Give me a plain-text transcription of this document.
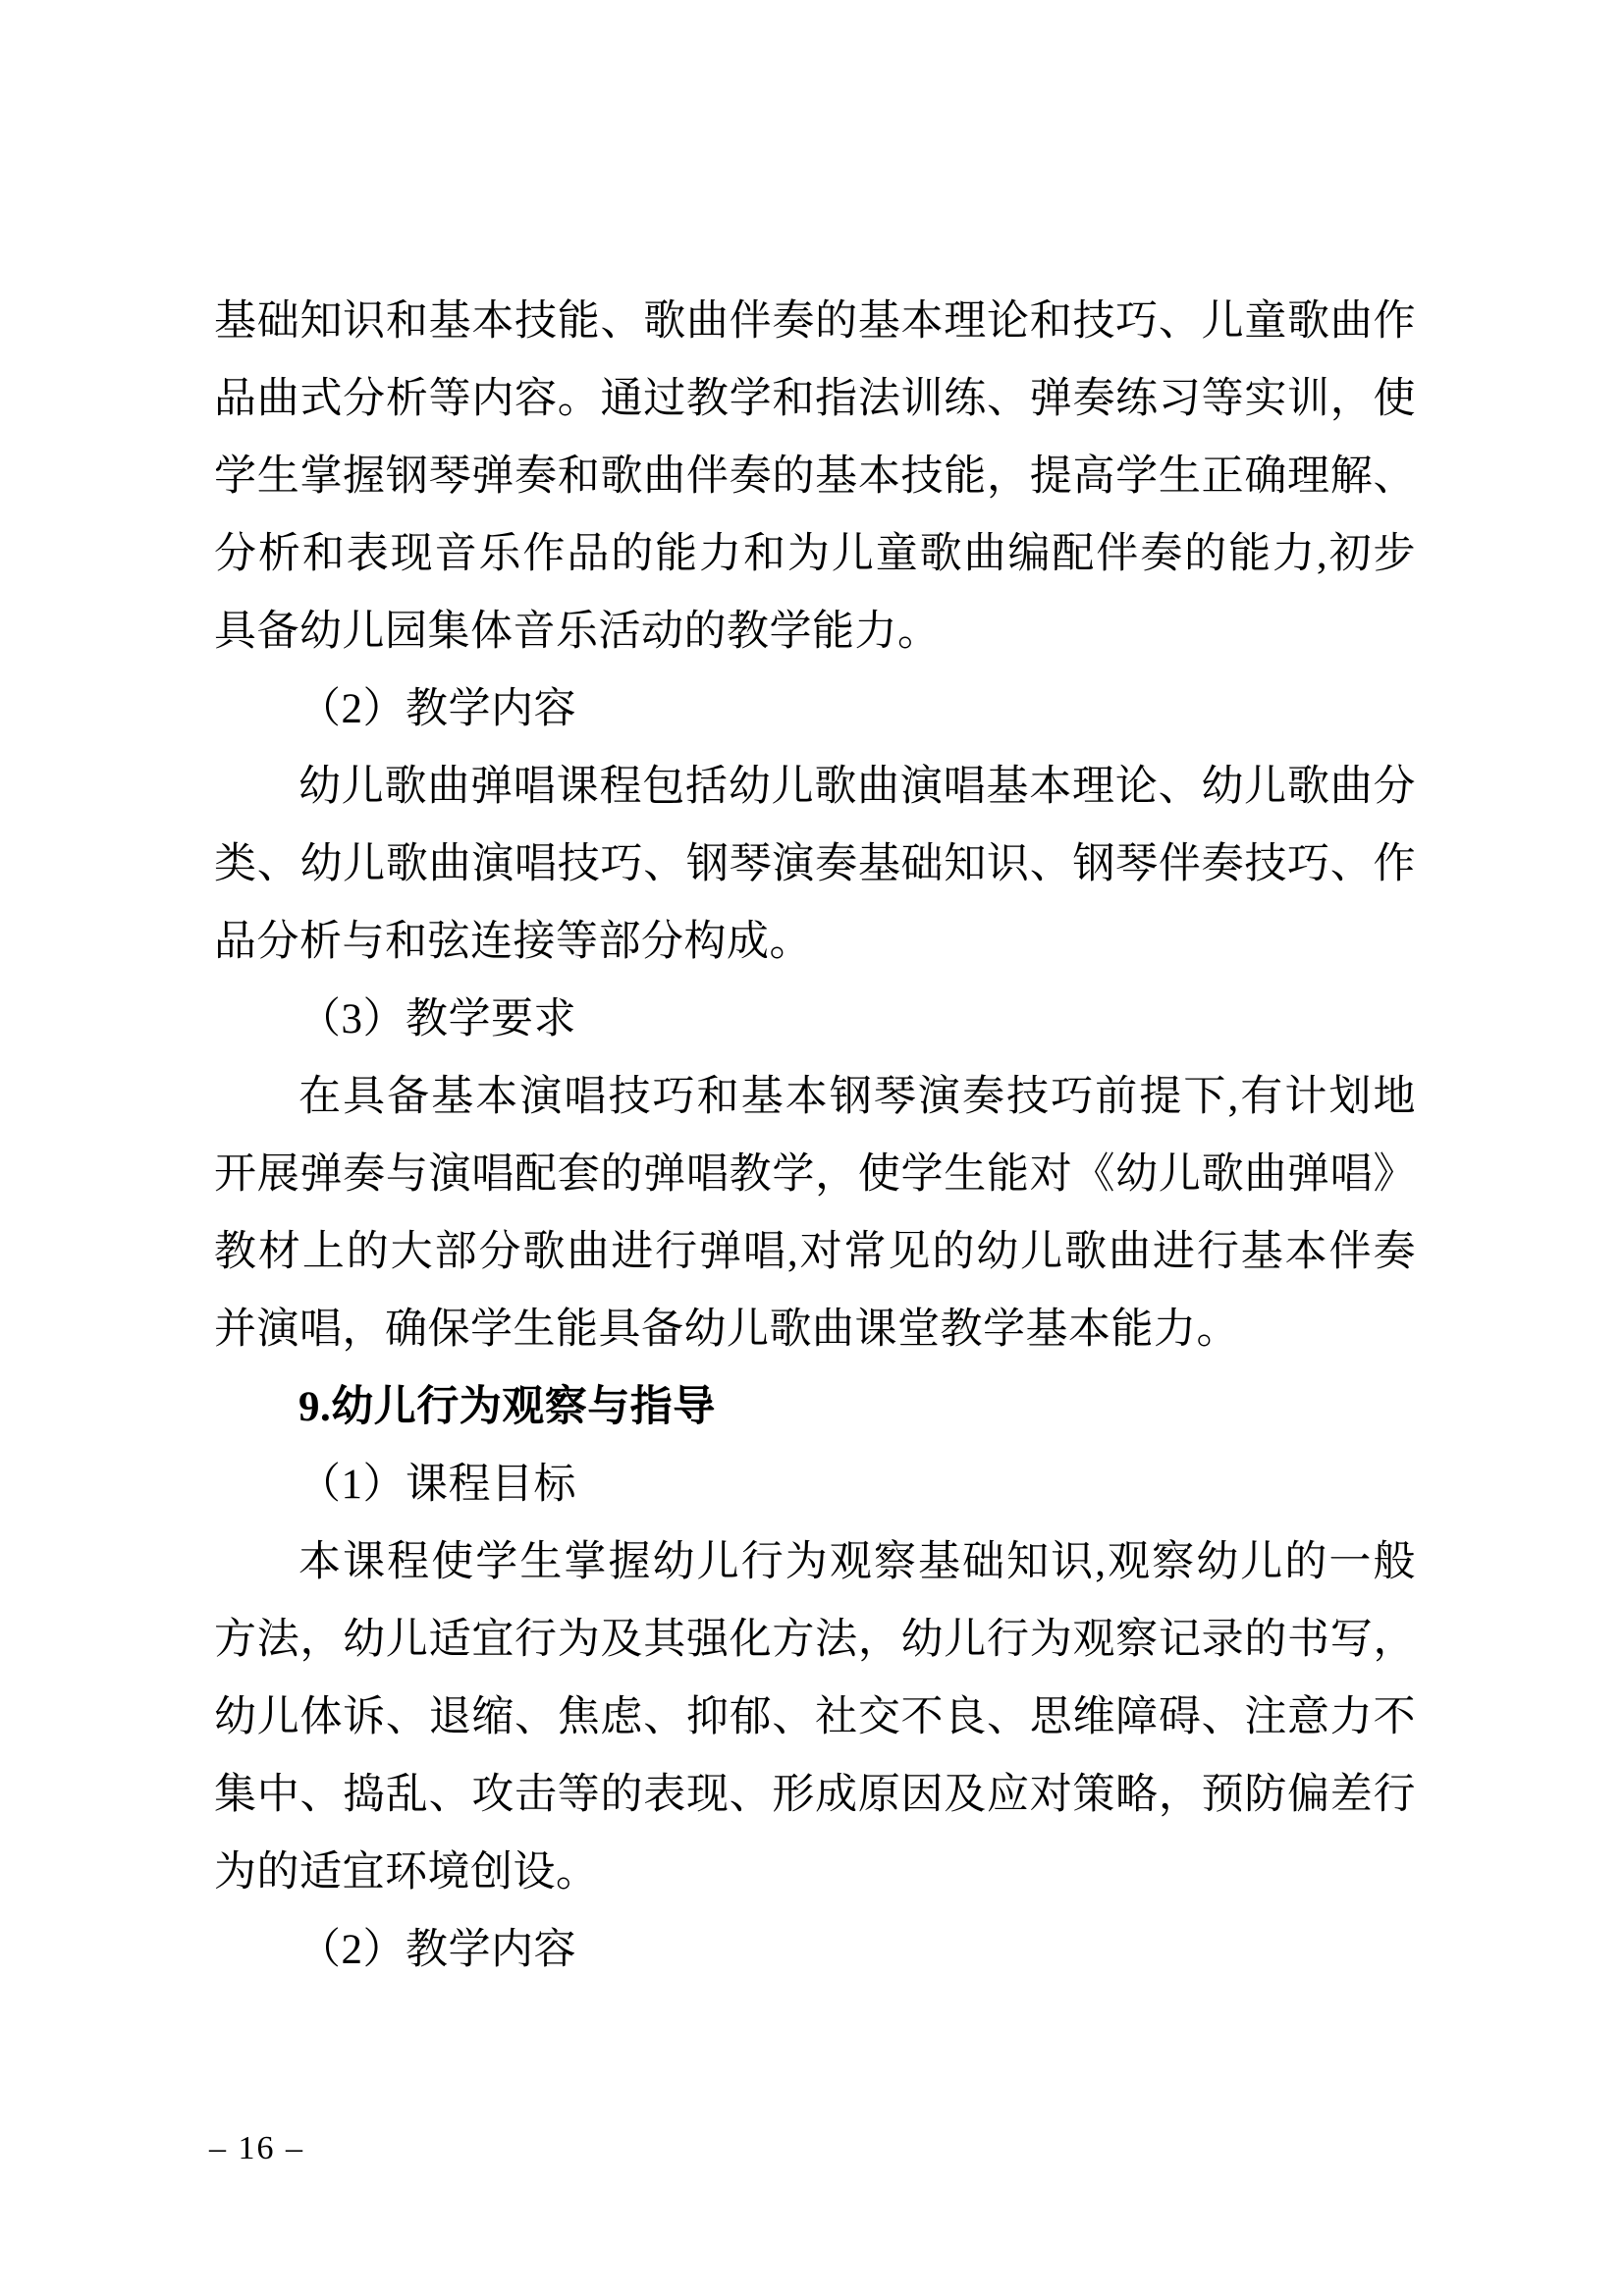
基础知识和基本技能、歌曲伴奏的基本理论和技巧、儿童歌曲作
品曲式分析等内容。通过教学和指法训练、弹奏练习等实训，使
学生掌握钢琴弹奏和歌曲伴奏的基本技能，提高学生正确理解、
分析和表现音乐作品的能力和为儿童歌曲编配伴奏的能力,初步
具备幼儿园集体音乐活动的教学能力。
（2）教学内容
幼儿歌曲弹唱课程包括幼儿歌曲演唱基本理论、幼儿歌曲分
类、幼儿歌曲演唱技巧、钢琴演奏基础知识、钢琴伴奏技巧、作
品分析与和弦连接等部分构成。
（3）教学要求
在具备基本演唱技巧和基本钢琴演奏技巧前提下,有计划地
开展弹奏与演唱配套的弹唱教学，使学生能对《幼儿歌曲弹唱》
教材上的大部分歌曲进行弹唱,对常见的幼儿歌曲进行基本伴奏
并演唱，确保学生能具备幼儿歌曲课堂教学基本能力。
9.幼儿行为观察与指导
（1）课程目标
本课程使学生掌握幼儿行为观察基础知识,观察幼儿的一般
方法，幼儿适宜行为及其强化方法，幼儿行为观察记录的书写，
幼儿体诉、退缩、焦虑、抑郁、社交不良、思维障碍、注意力不
集中、捣乱、攻击等的表现、形成原因及应对策略，预防偏差行
为的适宜环境创设。
（2）教学内容
– 16 –
